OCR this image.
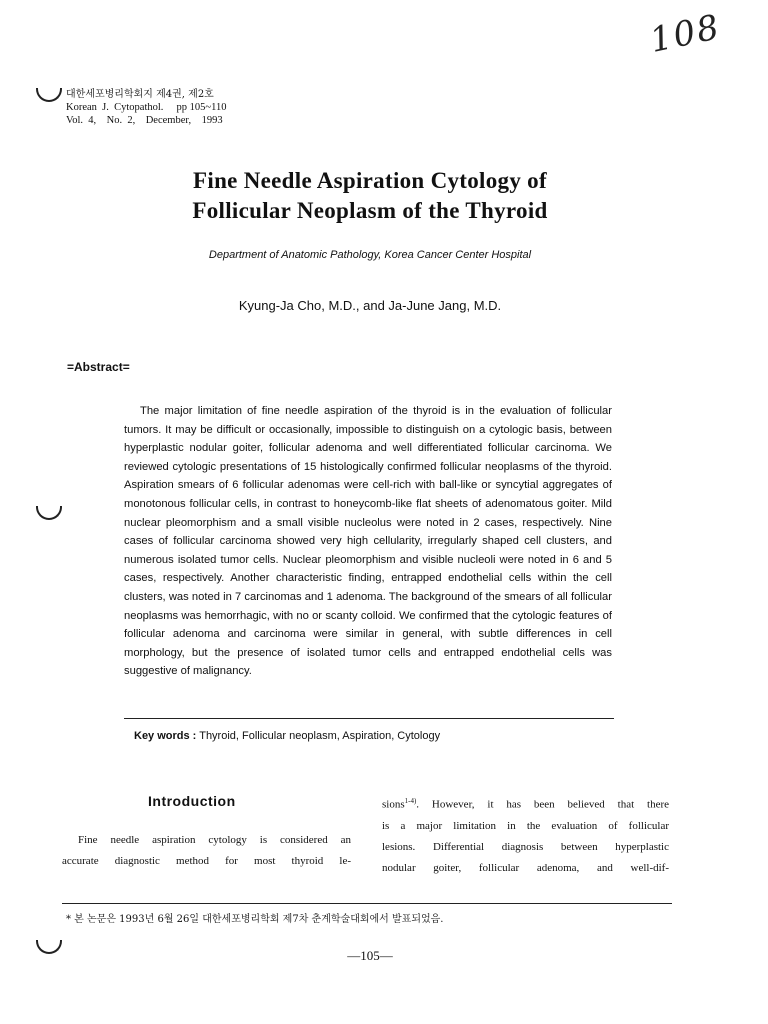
108
대한세포병리학회지 제4권, 제2호
Korean  J.  Cytopathol.     pp 105~110
Vol.  4,    No.  2,    December,    1993
Fine Needle Aspiration Cytology of
Follicular Neoplasm of the Thyroid
Department of Anatomic Pathology, Korea Cancer Center Hospital
Kyung-Ja Cho, M.D., and Ja-June Jang, M.D.
=Abstract=

The major limitation of fine needle aspiration of the thyroid is in the evaluation of follicular tumors. It may be difficult or occasionally, impossible to distinguish on a cytologic basis, between hyperplastic nodular goiter, follicular adenoma and well differentiated follicular carcinoma. We reviewed cytologic presentations of 15 histologically confirmed follicular neoplasms of the thyroid. Aspiration smears of 6 follicular adenomas were cell-rich with ball-like or syncytial aggregates of monotonous follicular cells, in contrast to honeycomb-like flat sheets of adenomatous goiter. Mild nuclear pleomorphism and a small visible nucleolus were noted in 2 cases, respectively. Nine cases of follicular carcinoma showed very high cellularity, irregularly shaped cell clusters, and numerous isolated tumor cells. Nuclear pleomorphism and visible nucleoli were noted in 6 and 5 cases, respectively. Another characteristic finding, entrapped endothelial cells within the cell clusters, was noted in 7 carcinomas and 1 adenoma. The background of the smears of all follicular neoplasms was hemorrhagic, with no or scanty colloid. We confirmed that the cytologic features of follicular adenoma and carcinoma were similar in general, with subtle differences in cell morphology, but the presence of isolated tumor cells and entrapped endothelial cells was suggestive of malignancy.

Key words : Thyroid, Follicular neoplasm, Aspiration, Cytology
Introduction
Fine needle aspiration cytology is considered an
accurate diagnostic method for most thyroid le-
sions$^{1-4)}$. However, it has been believed that there
is a major limitation in the evaluation of follicular
lesions. Differential diagnosis between hyperplastic
nodular goiter, follicular adenoma, and well-dif-
* 본 논문은 1993년 6월 26일 대한세포병리학회 제7차 춘계학술대회에서 발표되었음.
—105—
